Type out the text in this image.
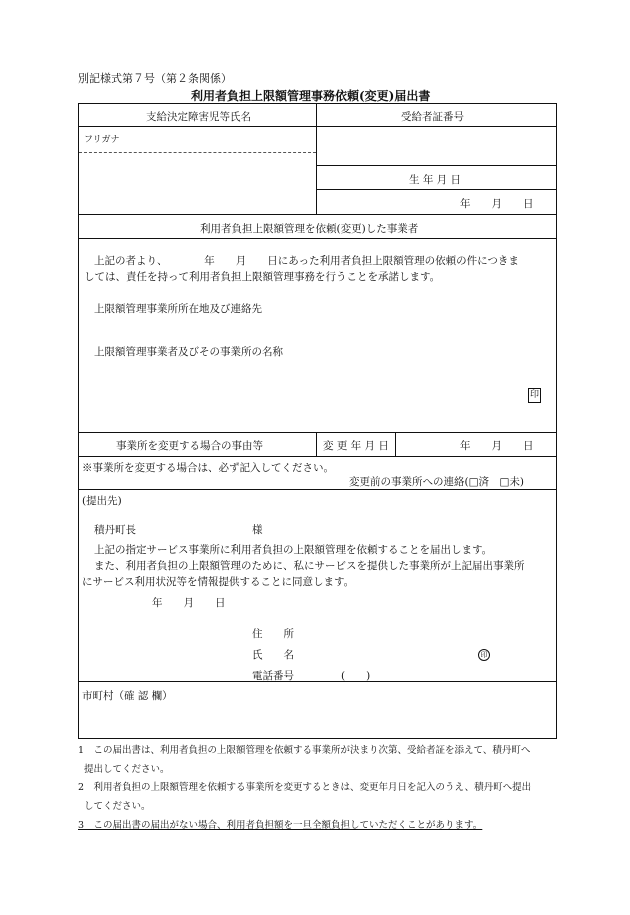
別記様式第７号（第２条関係）
利用者負担上限額管理事務依頼(変更)届出書
支給決定障害児等氏名	受給者証番号
フリガナ
生 年 月 日
年　　月　　日
利用者負担上限額管理を依頼(変更)した事業者
上記の者より、　　　　年　　月　　日にあった利用者負担上限額管理の依頼の件につきま
しては、責任を持って利用者負担上限額管理事務を行うことを承諾します。
上限額管理事業所所在地及び連絡先
上限額管理事業者及びその事業所の名称
印
事業所を変更する場合の事由等	変 更 年 月 日	年　　月　　日
※事業所を変更する場合は、必ず記入してください。
変更前の事業所への連絡(□済　□未)
(提出先)
積丹町長	様
上記の指定サービス事業所に利用者負担の上限額管理を依頼することを届出します。
また、利用者負担の上限額管理のために、私にサービスを提供した事業所が上記届出事業所
にサービス利用状況等を情報提供することに同意します。
年　　月　　日
住　　所
氏　　名	印
電話番号	(　　)
市町村（確 認 欄）
1　この届出書は、利用者負担の上限額管理を依頼する事業所が決まり次第、受給者証を添えて、積丹町へ
提出してください。
2　利用者負担の上限額管理を依頼する事業所を変更するときは、変更年月日を記入のうえ、積丹町へ提出
してください。
3　この届出書の届出がない場合、利用者負担額を一旦全額負担していただくことがあります。
